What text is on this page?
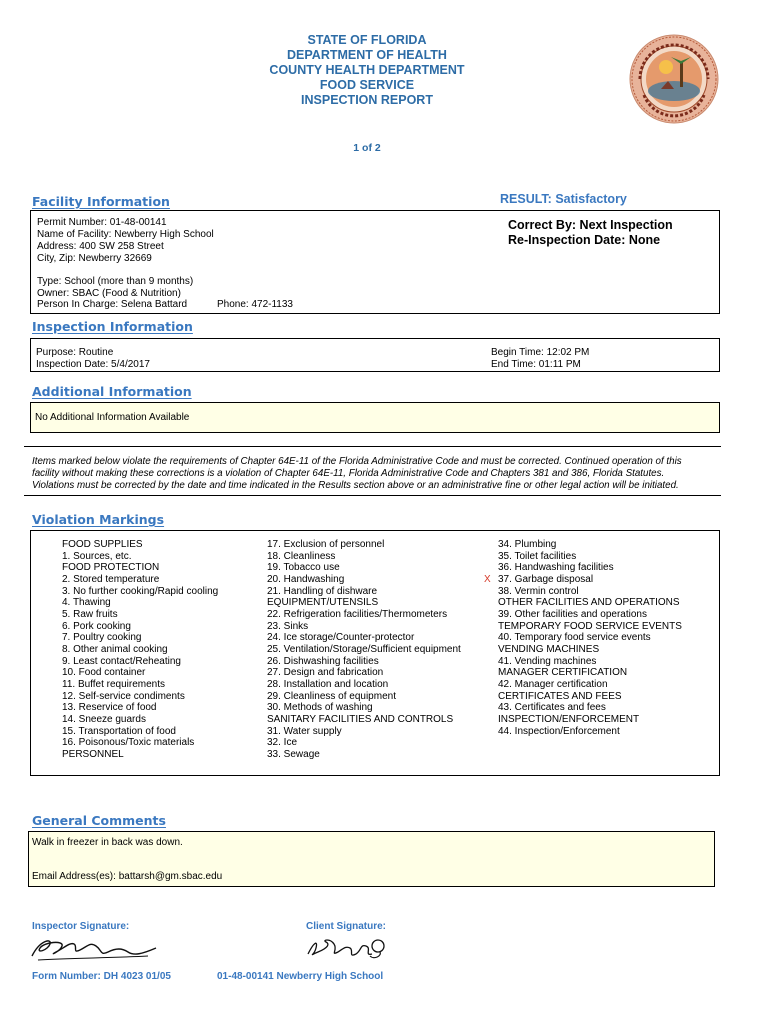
STATE OF FLORIDA
DEPARTMENT OF HEALTH
COUNTY HEALTH DEPARTMENT
FOOD SERVICE
INSPECTION REPORT
1 of 2
Facility Information	RESULT: Satisfactory
Permit Number: 01-48-00141
Name of Facility: Newberry High School
Address: 400 SW 258 Street
City, Zip: Newberry 32669
Type: School (more than 9 months)
Owner: SBAC (Food & Nutrition)
Person In Charge: Selena Battard	Phone: 472-1133
Correct By: Next Inspection
Re-Inspection Date: None
Inspection Information
Purpose: Routine
Inspection Date: 5/4/2017
Begin Time: 12:02 PM
End Time: 01:11 PM
Additional Information
No Additional Information Available
Items marked below violate the requirements of Chapter 64E-11 of the Florida Administrative Code and must be corrected. Continued operation of this
facility without making these corrections is a violation of Chapter 64E-11, Florida Administrative Code and Chapters 381 and 386, Florida Statutes.
Violations must be corrected by the date and time indicated in the Results section above or an administrative fine or other legal action will be initiated.
Violation Markings
FOOD SUPPLIES
1. Sources, etc.
FOOD PROTECTION
2. Stored temperature
3. No further cooking/Rapid cooling
4. Thawing
5. Raw fruits
6. Pork cooking
7. Poultry cooking
8. Other animal cooking
9. Least contact/Reheating
10. Food container
11. Buffet requirements
12. Self-service condiments
13. Reservice of food
14. Sneeze guards
15. Transportation of food
16. Poisonous/Toxic materials
PERSONNEL
17. Exclusion of personnel
18. Cleanliness
19. Tobacco use
20. Handwashing
21. Handling of dishware
EQUIPMENT/UTENSILS
22. Refrigeration facilities/Thermometers
23. Sinks
24. Ice storage/Counter-protector
25. Ventilation/Storage/Sufficient equipment
26. Dishwashing facilities
27. Design and fabrication
28. Installation and location
29. Cleanliness of equipment
30. Methods of washing
SANITARY FACILITIES AND CONTROLS
31. Water supply
32. Ice
33. Sewage
34. Plumbing
35. Toilet facilities
36. Handwashing facilities
X 37. Garbage disposal
38. Vermin control
OTHER FACILITIES AND OPERATIONS
39. Other facilities and operations
TEMPORARY FOOD SERVICE EVENTS
40. Temporary food service events
VENDING MACHINES
41. Vending machines
MANAGER CERTIFICATION
42. Manager certification
CERTIFICATES AND FEES
43. Certificates and fees
INSPECTION/ENFORCEMENT
44. Inspection/Enforcement
General Comments
Walk in freezer in back was down.
Email Address(es): battarsh@gm.sbac.edu
Inspector Signature:	Client Signature:
Form Number: DH 4023 01/05	01-48-00141 Newberry High School
